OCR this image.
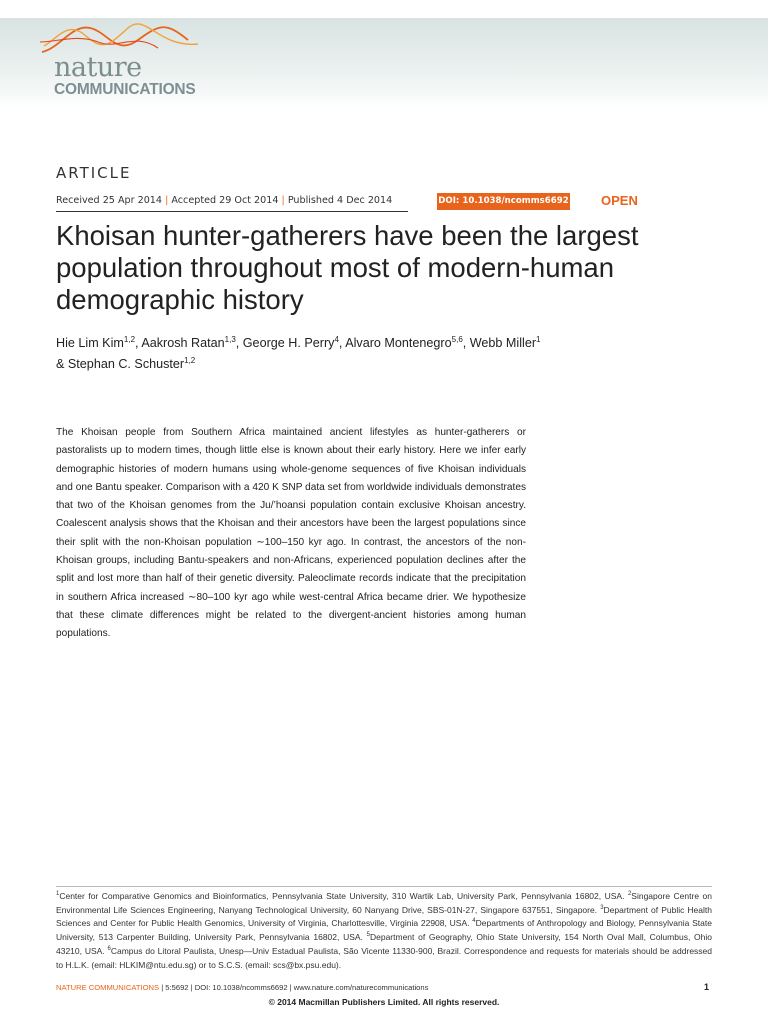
nature
COMMUNICATIONS
ARTICLE
Received 25 Apr 2014 | Accepted 29 Oct 2014 | Published 4 Dec 2014	DOI: 10.1038/ncomms6692 OPEN
Khoisan hunter-gatherers have been the largest population throughout most of modern-human demographic history
Hie Lim Kim$^{1,2}$, Aakrosh Ratan$^{1,3}$, George H. Perry$^4$, Alvaro Montenegro$^{5,6}$, Webb Miller$^1$
& Stephan C. Schuster$^{1,2}$

The Khoisan people from Southern Africa maintained ancient lifestyles as hunter-gatherers or pastoralists up to modern times, though little else is known about their early history. Here we infer early demographic histories of modern humans using whole-genome sequences of five Khoisan individuals and one Bantu speaker. Comparison with a 420 K SNP data set from worldwide individuals demonstrates that two of the Khoisan genomes from the Ju/’hoansi population contain exclusive Khoisan ancestry. Coalescent analysis shows that the Khoisan and their ancestors have been the largest populations since their split with the non-Khoisan population ∼100–150 kyr ago. In contrast, the ancestors of the non-Khoisan groups, including Bantu-speakers and non-Africans, experienced population declines after the split and lost more than half of their genetic diversity. Paleoclimate records indicate that the precipitation in southern Africa increased ∼80–100 kyr ago while west-central Africa became drier. We hypothesize that these climate differences might be related to the divergent-ancient histories among human populations.

$^1$Center for Comparative Genomics and Bioinformatics, Pennsylvania State University, 310 Wartik Lab, University Park, Pennsylvania 16802, USA. $^2$Singapore Centre on Environmental Life Sciences Engineering, Nanyang Technological University, 60 Nanyang Drive, SBS-01N-27, Singapore 637551, Singapore. $^3$Department of Public Health Sciences and Center for Public Health Genomics, University of Virginia, Charlottesville, Virginia 22908, USA. $^4$Departments of Anthropology and Biology, Pennsylvania State University, 513 Carpenter Building, University Park, Pennsylvania 16802, USA. $^5$Department of Geography, Ohio State University, 154 North Oval Mall, Columbus, Ohio 43210, USA. $^6$Campus do Litoral Paulista, Unesp—Univ Estadual Paulista, São Vicente 11330-900, Brazil. Correspondence and requests for materials should be addressed to H.L.K. (email: HLKIM@ntu.edu.sg) or to S.C.S. (email: scs@bx.psu.edu).
NATURE COMMUNICATIONS | 5:5692 | DOI: 10.1038/ncomms6692 | www.nature.com/naturecommunications	1
© 2014 Macmillan Publishers Limited. All rights reserved.
